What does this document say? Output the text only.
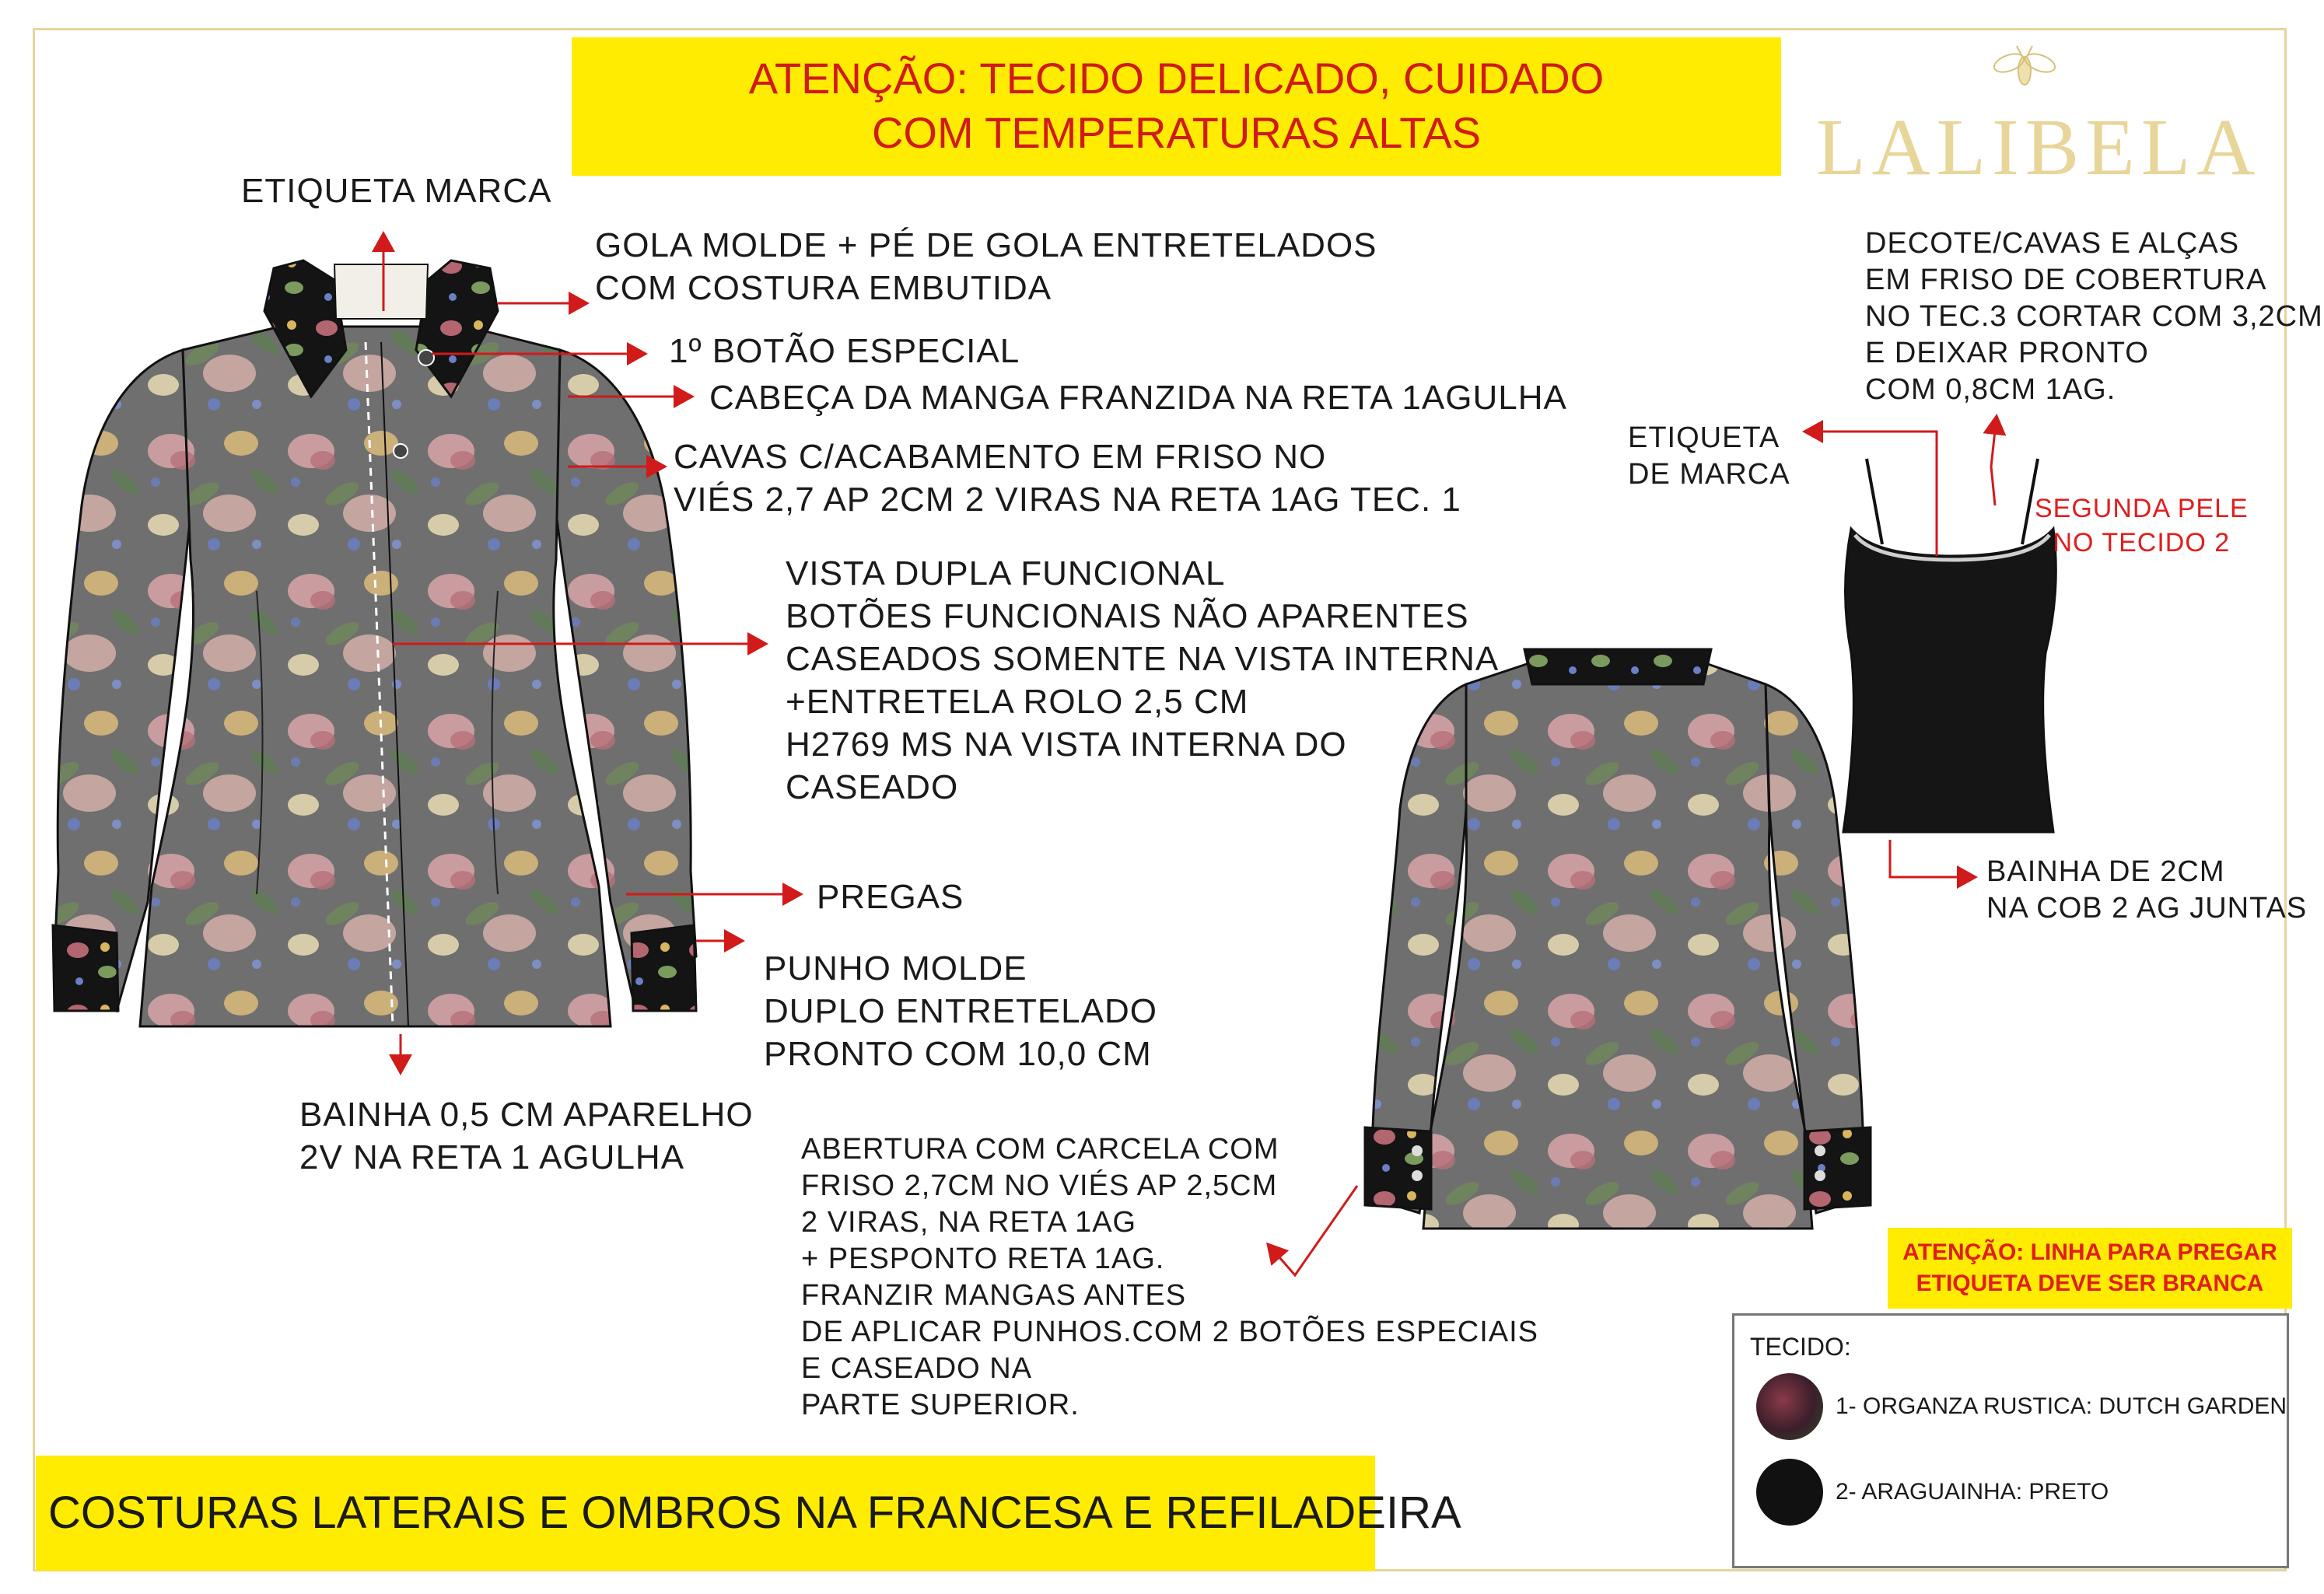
ATENÇÃO: TECIDO DELICADO, CUIDADO
COM TEMPERATURAS ALTAS	LALIBELA
ETIQUETA MARCA
GOLA MOLDE + PÉ DE GOLA ENTRETELADOS
COM COSTURA EMBUTIDA
1º BOTÃO ESPECIAL
CABEÇA DA MANGA FRANZIDA NA RETA 1AGULHA
CAVAS C/ACABAMENTO EM FRISO NO
VIÉS 2,7 AP 2CM 2 VIRAS NA RETA 1AG TEC. 1
VISTA DUPLA FUNCIONAL
BOTÕES FUNCIONAIS NÃO APARENTES
CASEADOS SOMENTE NA VISTA INTERNA
+ENTRETELA ROLO 2,5 CM
H2769 MS NA VISTA INTERNA DO
CASEADO
PREGAS
PUNHO MOLDE
DUPLO ENTRETELADO
PRONTO COM 10,0 CM
BAINHA 0,5 CM APARELHO
2V NA RETA 1 AGULHA	ABERTURA COM CARCELA COM
FRISO 2,7CM NO VIÉS AP 2,5CM
2 VIRAS, NA RETA 1AG
+ PESPONTO RETA 1AG.
FRANZIR MANGAS ANTES
DE APLICAR PUNHOS.COM 2 BOTÕES ESPECIAIS
E CASEADO NA
PARTE SUPERIOR.
DECOTE/CAVAS E ALÇAS
EM FRISO DE COBERTURA
NO TEC.3 CORTAR COM 3,2CM
E DEIXAR PRONTO
COM 0,8CM 1AG.
ETIQUETA
DE MARCA
SEGUNDA PELE
NO TECIDO 2
BAINHA DE 2CM
NA COB 2 AG JUNTAS
ATENÇÃO: LINHA PARA PREGAR
ETIQUETA DEVE SER BRANCA
TECIDO:
1- ORGANZA RUSTICA: DUTCH GARDEN
2- ARAGUAINHA: PRETO
COSTURAS LATERAIS E OMBROS NA FRANCESA E REFILADEIRA
